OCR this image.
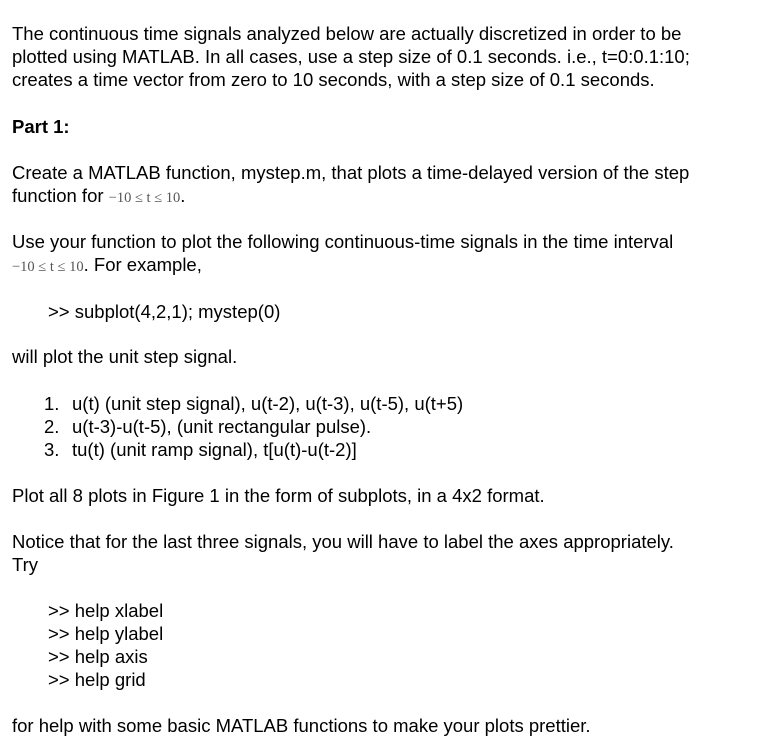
The continuous time signals analyzed below are actually discretized in order to be
plotted using MATLAB. In all cases, use a step size of 0.1 seconds. i.e., t=0:0.1:10;
creates a time vector from zero to 10 seconds, with a step size of 0.1 seconds.
Part 1:
Create a MATLAB function, mystep.m, that plots a time-delayed version of the step
function for −10 ≤ t ≤ 10.
Use your function to plot the following continuous-time signals in the time interval
−10 ≤ t ≤ 10. For example,
>> subplot(4,2,1); mystep(0)
will plot the unit step signal.
1. u(t) (unit step signal), u(t-2), u(t-3), u(t-5), u(t+5)
2. u(t-3)-u(t-5), (unit rectangular pulse).
3. tu(t) (unit ramp signal), t[u(t)-u(t-2)]
Plot all 8 plots in Figure 1 in the form of subplots, in a 4x2 format.
Notice that for the last three signals, you will have to label the axes appropriately.
Try
>> help xlabel
>> help ylabel
>> help axis
>> help grid
for help with some basic MATLAB functions to make your plots prettier.
